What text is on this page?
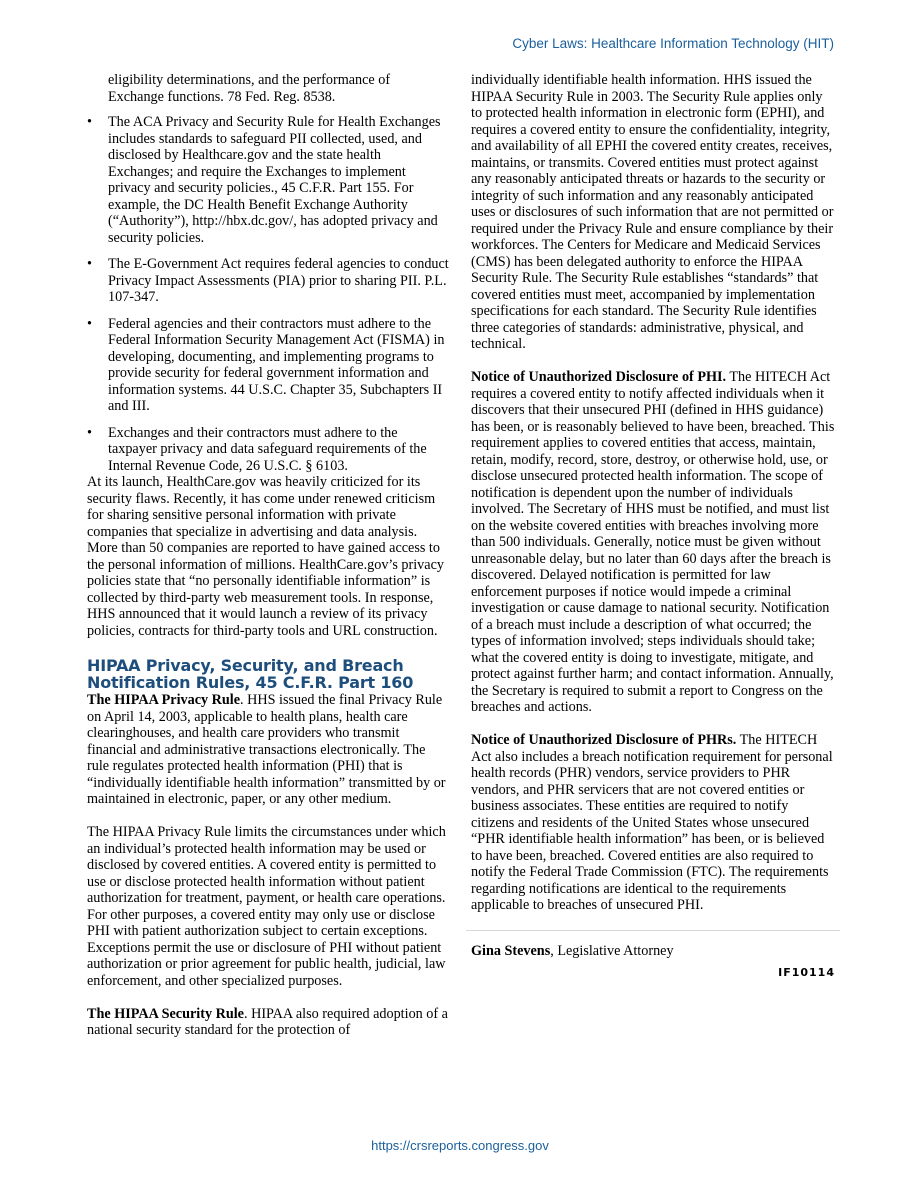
Cyber Laws: Healthcare Information Technology (HIT)

eligibility determinations, and the performance of Exchange functions. 78 Fed. Reg. 8538.

• The ACA Privacy and Security Rule for Health Exchanges includes standards to safeguard PII collected, used, and disclosed by Healthcare.gov and the state health Exchanges; and require the Exchanges to implement privacy and security policies., 45 C.F.R. Part 155. For example, the DC Health Benefit Exchange Authority (“Authority”), http://hbx.dc.gov/, has adopted privacy and security policies.
• The E-Government Act requires federal agencies to conduct Privacy Impact Assessments (PIA) prior to sharing PII. P.L. 107-347.
• Federal agencies and their contractors must adhere to the Federal Information Security Management Act (FISMA) in developing, documenting, and implementing programs to provide security for federal government information and information systems. 44 U.S.C. Chapter 35, Subchapters II and III.
• Exchanges and their contractors must adhere to the taxpayer privacy and data safeguard requirements of the Internal Revenue Code, 26 U.S.C. § 6103.

At its launch, HealthCare.gov was heavily criticized for its security flaws. Recently, it has come under renewed criticism for sharing sensitive personal information with private companies that specialize in advertising and data analysis. More than 50 companies are reported to have gained access to the personal information of millions. HealthCare.gov’s privacy policies state that “no personally identifiable information” is collected by third-party web measurement tools. In response, HHS announced that it would launch a review of its privacy policies, contracts for third-party tools and URL construction.

HIPAA Privacy, Security, and Breach Notification Rules, 45 C.F.R. Part 160

The HIPAA Privacy Rule. HHS issued the final Privacy Rule on April 14, 2003, applicable to health plans, health care clearinghouses, and health care providers who transmit financial and administrative transactions electronically. The rule regulates protected health information (PHI) that is “individually identifiable health information” transmitted by or maintained in electronic, paper, or any other medium.

The HIPAA Privacy Rule limits the circumstances under which an individual’s protected health information may be used or disclosed by covered entities. A covered entity is permitted to use or disclose protected health information without patient authorization for treatment, payment, or health care operations. For other purposes, a covered entity may only use or disclose PHI with patient authorization subject to certain exceptions. Exceptions permit the use or disclosure of PHI without patient authorization or prior agreement for public health, judicial, law enforcement, and other specialized purposes.

The HIPAA Security Rule. HIPAA also required adoption of a national security standard for the protection of

individually identifiable health information. HHS issued the HIPAA Security Rule in 2003. The Security Rule applies only to protected health information in electronic form (EPHI), and requires a covered entity to ensure the confidentiality, integrity, and availability of all EPHI the covered entity creates, receives, maintains, or transmits. Covered entities must protect against any reasonably anticipated threats or hazards to the security or integrity of such information and any reasonably anticipated uses or disclosures of such information that are not permitted or required under the Privacy Rule and ensure compliance by their workforces. The Centers for Medicare and Medicaid Services (CMS) has been delegated authority to enforce the HIPAA Security Rule. The Security Rule establishes “standards” that covered entities must meet, accompanied by implementation specifications for each standard. The Security Rule identifies three categories of standards: administrative, physical, and technical.

Notice of Unauthorized Disclosure of PHI. The HITECH Act requires a covered entity to notify affected individuals when it discovers that their unsecured PHI (defined in HHS guidance) has been, or is reasonably believed to have been, breached. This requirement applies to covered entities that access, maintain, retain, modify, record, store, destroy, or otherwise hold, use, or disclose unsecured protected health information. The scope of notification is dependent upon the number of individuals involved. The Secretary of HHS must be notified, and must list on the website covered entities with breaches involving more than 500 individuals. Generally, notice must be given without unreasonable delay, but no later than 60 days after the breach is discovered. Delayed notification is permitted for law enforcement purposes if notice would impede a criminal investigation or cause damage to national security. Notification of a breach must include a description of what occurred; the types of information involved; steps individuals should take; what the covered entity is doing to investigate, mitigate, and protect against further harm; and contact information. Annually, the Secretary is required to submit a report to Congress on the breaches and actions.

Notice of Unauthorized Disclosure of PHRs. The HITECH Act also includes a breach notification requirement for personal health records (PHR) vendors, service providers to PHR vendors, and PHR servicers that are not covered entities or business associates. These entities are required to notify citizens and residents of the United States whose unsecured “PHR identifiable health information” has been, or is believed to have been, breached. Covered entities are also required to notify the Federal Trade Commission (FTC). The requirements regarding notifications are identical to the requirements applicable to breaches of unsecured PHI.

Gina Stevens, Legislative Attorney

IF10114
https://crsreports.congress.gov
